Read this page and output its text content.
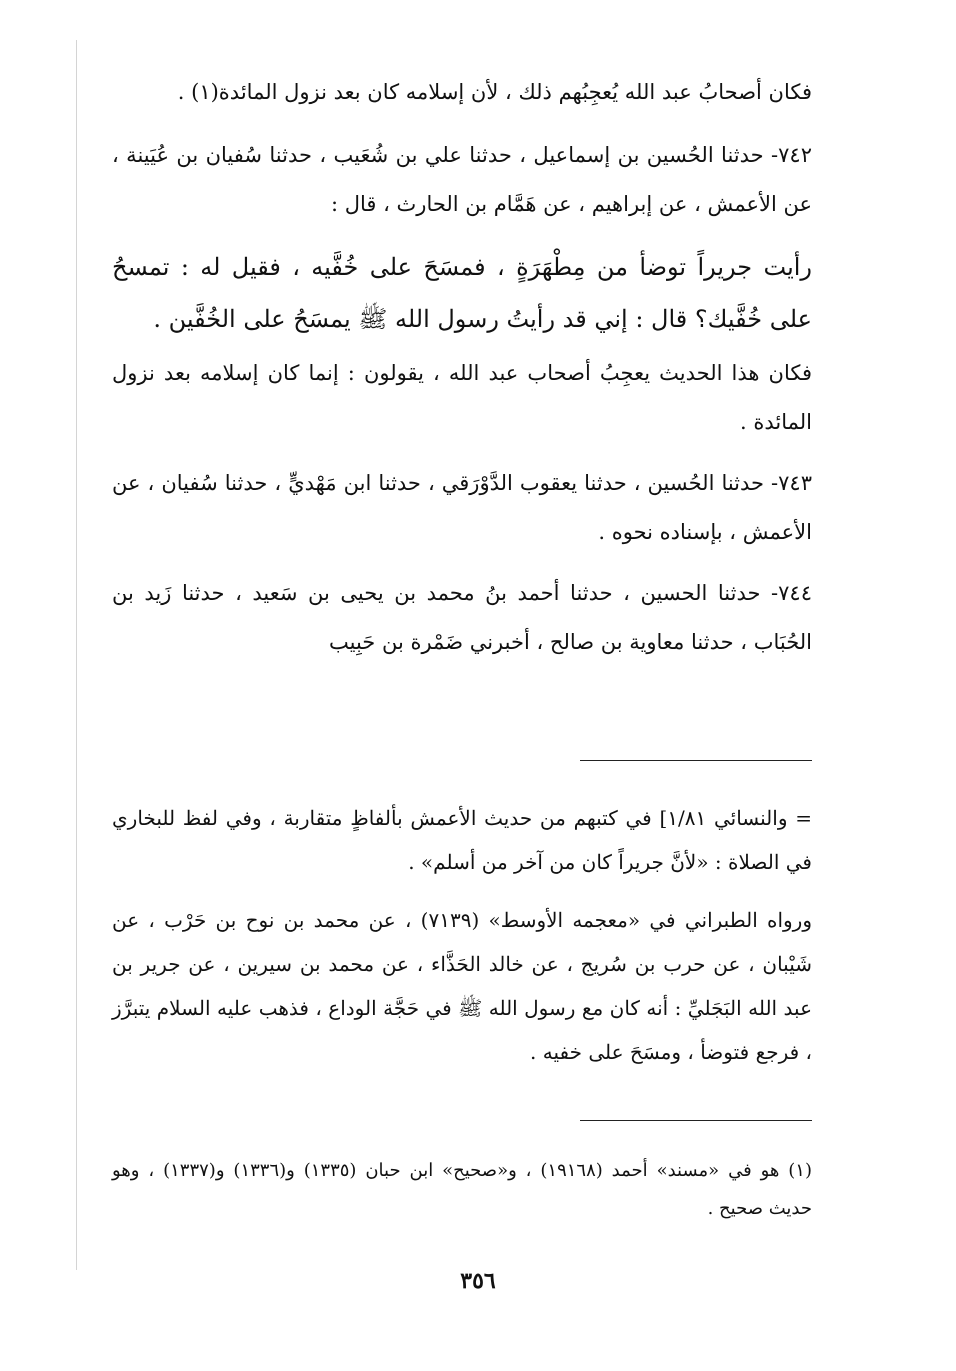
فكان أصحابُ عبد الله يُعجِبُهم ذلك ، لأن إسلامه كان بعد نزول المائدة(١) .

٧٤٢- حدثنا الحُسين بن إسماعيل ، حدثنا علي بن شُعَيب ، حدثنا سُفيان بن عُيَينة ، عن الأعمش ، عن إبراهيم ، عن هَمَّام بن الحارث ، قال :

رأيت جريراً توضأ من مِطْهَرَةٍ ، فمسَحَ على خُفَّيه ، فقيل له : تمسحُ على خُفَّيك؟ قال : إني قد رأيتُ رسول الله ﷺ يمسَحُ على الخُفَّين .

فكان هذا الحديث يعجِبُ أصحاب عبد الله ، يقولون : إنما كان إسلامه بعد نزول المائدة .

٧٤٣- حدثنا الحُسين ، حدثنا يعقوب الدَّوْرَقي ، حدثنا ابن مَهْديٍّ ، حدثنا سُفيان ، عن الأعمش ، بإسناده نحوه .

٧٤٤- حدثنا الحسين ، حدثنا أحمد بنُ محمد بن يحيى بن سَعيد ، حدثنا زَيد بن الحُبَاب ، حدثنا معاوية بن صالح ، أخبرني ضَمْرة بن حَبِيب

= والنسائي ١/٨١] في كتبهم من حديث الأعمش بألفاظٍ متقاربة ، وفي لفظ للبخاري في الصلاة : «لأنَّ جريراً كان من آخر من أسلم» .

ورواه الطبراني في «معجمه الأوسط» (٧١٣٩) ، عن محمد بن نوح بن حَرْب ، عن شَيْبان ، عن حرب بن سُريج ، عن خالد الحَذَّاء ، عن محمد بن سيرين ، عن جرير بن عبد الله البَجَليِّ : أنه كان مع رسول الله ﷺ في حَجَّة الوداع ، فذهب عليه السلام يتبرَّز ، فرجع فتوضأ ، ومسَحَ على خفيه .

(١) هو في «مسند» أحمد (١٩١٦٨) ، و«صحيح» ابن حبان (١٣٣٥) و(١٣٣٦) و(١٣٣٧) ، وهو حديث صحيح .

٣٥٦
